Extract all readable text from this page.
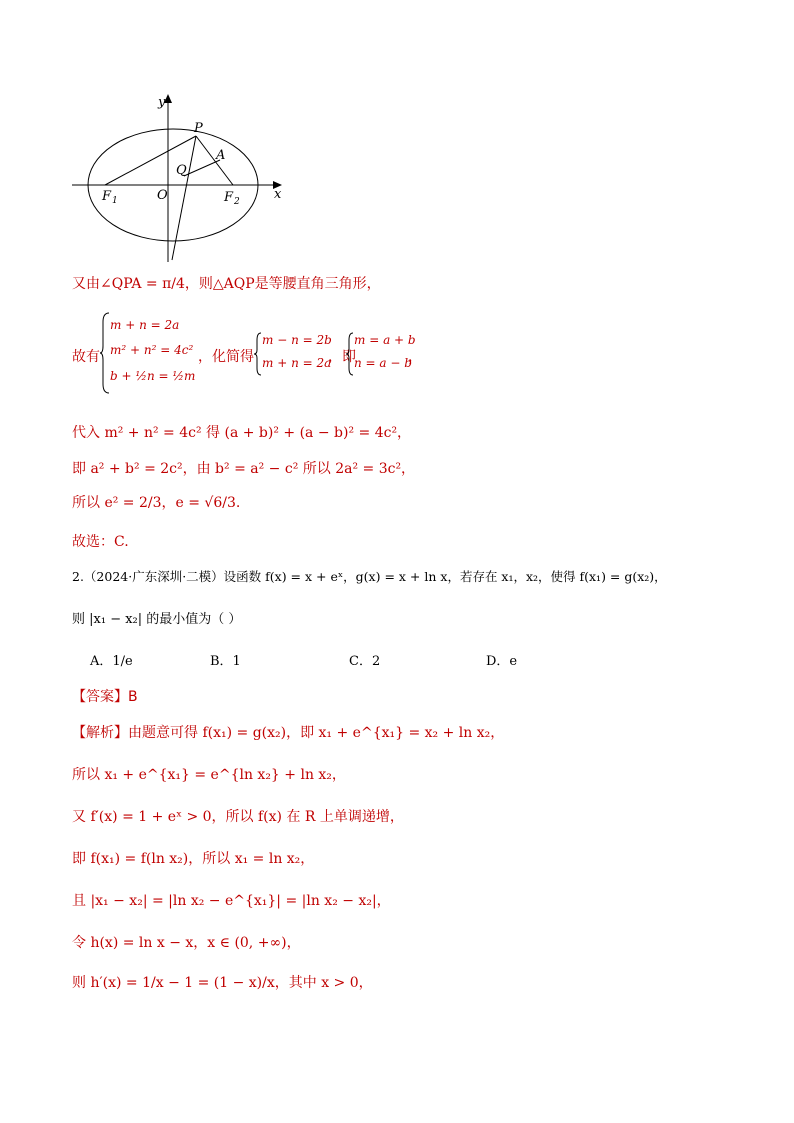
y
x
P
A
Q
O
F 1	F 2
又由∠QPA = π/4，则△AQP是等腰直角三角形，
故有
m + n = 2a
m² + n² = 4c²
b + ½n = ½m
，化简得
m − n = 2b
m + n = 2a
，即
m = a + b
n = a − b
，
代入 m² + n² = 4c² 得 (a + b)² + (a − b)² = 4c²，
即 a² + b² = 2c²，由 b² = a² − c² 所以 2a² = 3c²，
所以 e² = 2/3，e = √6/3.
故选：C.
2.（2024·广东深圳·二模）设函数 f(x) = x + eˣ，g(x) = x + ln x，若存在 x₁，x₂，使得 f(x₁) = g(x₂)，
则 |x₁ − x₂| 的最小值为（ ）
A．1/e	B．1	C．2	D．e
【答案】B
【解析】由题意可得 f(x₁) = g(x₂)，即 x₁ + e^{x₁} = x₂ + ln x₂，
所以 x₁ + e^{x₁} = e^{ln x₂} + ln x₂，
又 f′(x) = 1 + eˣ > 0，所以 f(x) 在 R 上单调递增，
即 f(x₁) = f(ln x₂)，所以 x₁ = ln x₂，
且 |x₁ − x₂| = |ln x₂ − e^{x₁}| = |ln x₂ − x₂|，
令 h(x) = ln x − x，x ∈ (0, +∞)，
则 h′(x) = 1/x − 1 = (1 − x)/x，其中 x > 0，
